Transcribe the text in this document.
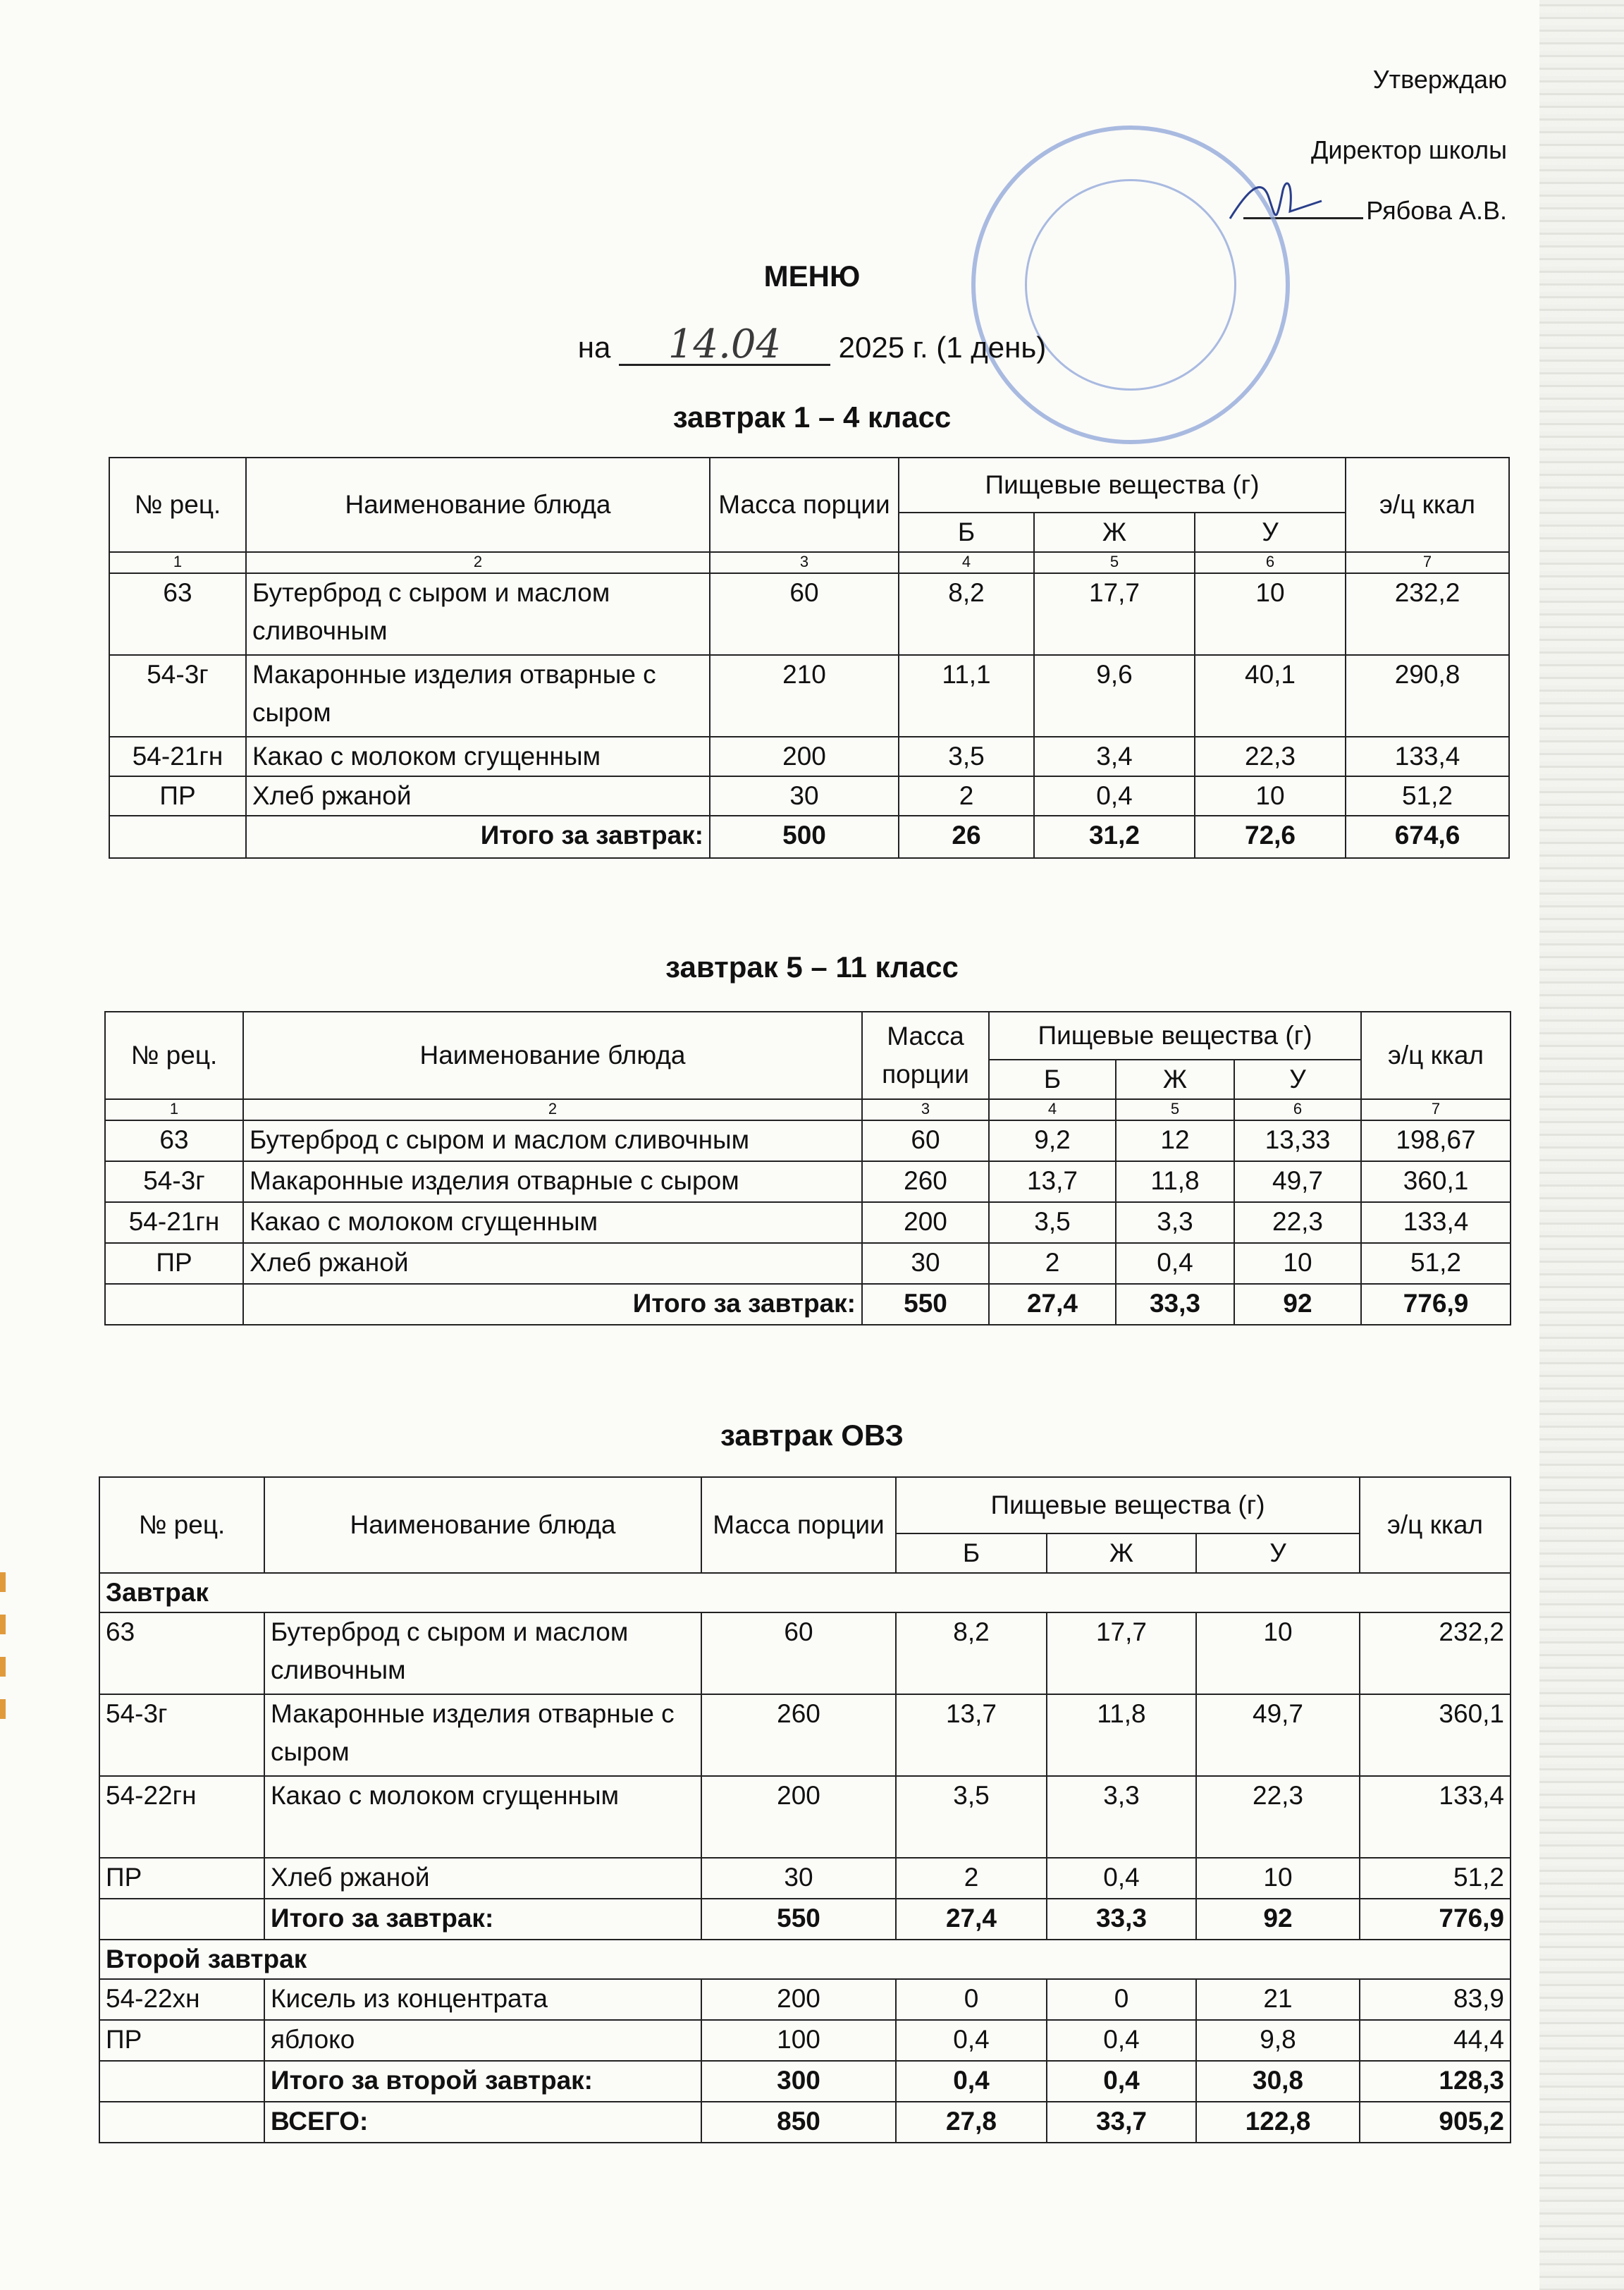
Утверждаю
Директор школы
Рябова А.В.
МЕНЮ
на 14.04 2025 г. (1 день)
завтрак 1 – 4 класс
№ рец.	Наименование блюда	Масса порции	Пищевые вещества (г)			э/ц ккал
			Б	Ж	У	
1	2	3	4	5	6	7
63	Бутерброд с сыром и маслом сливочным	60	8,2	17,7	10	232,2
54-3г	Макаронные изделия отварные с сыром	210	11,1	9,6	40,1	290,8
54-21гн	Какао с молоком сгущенным	200	3,5	3,4	22,3	133,4
ПР	Хлеб ржаной	30	2	0,4	10	51,2
	Итого за завтрак:	500	26	31,2	72,6	674,6
завтрак 5 – 11 класс
№ рец.	Наименование блюда	Масса порции	Пищевые вещества (г)			э/ц ккал
			Б	Ж	У	
1	2	3	4	5	6	7
63	Бутерброд с сыром и маслом сливочным	60	9,2	12	13,33	198,67
54-3г	Макаронные изделия отварные с сыром	260	13,7	11,8	49,7	360,1
54-21гн	Какао с молоком сгущенным	200	3,5	3,3	22,3	133,4
ПР	Хлеб ржаной	30	2	0,4	10	51,2
	Итого за завтрак:	550	27,4	33,3	92	776,9
завтрак ОВЗ
№ рец.	Наименование блюда	Масса порции	Пищевые вещества (г)			э/ц ккал
			Б	Ж	У	
Завтрак						
63	Бутерброд с сыром и маслом сливочным	60	8,2	17,7	10	232,2
54-3г	Макаронные изделия отварные с сыром	260	13,7	11,8	49,7	360,1
54-22гн	Какао с молоком сгущенным	200	3,5	3,3	22,3	133,4
ПР	Хлеб ржаной	30	2	0,4	10	51,2
	Итого за завтрак:	550	27,4	33,3	92	776,9
Второй завтрак						
54-22хн	Кисель из концентрата	200	0	0	21	83,9
ПР	яблоко	100	0,4	0,4	9,8	44,4
	Итого за второй завтрак:	300	0,4	0,4	30,8	128,3
	ВСЕГО:	850	27,8	33,7	122,8	905,2
